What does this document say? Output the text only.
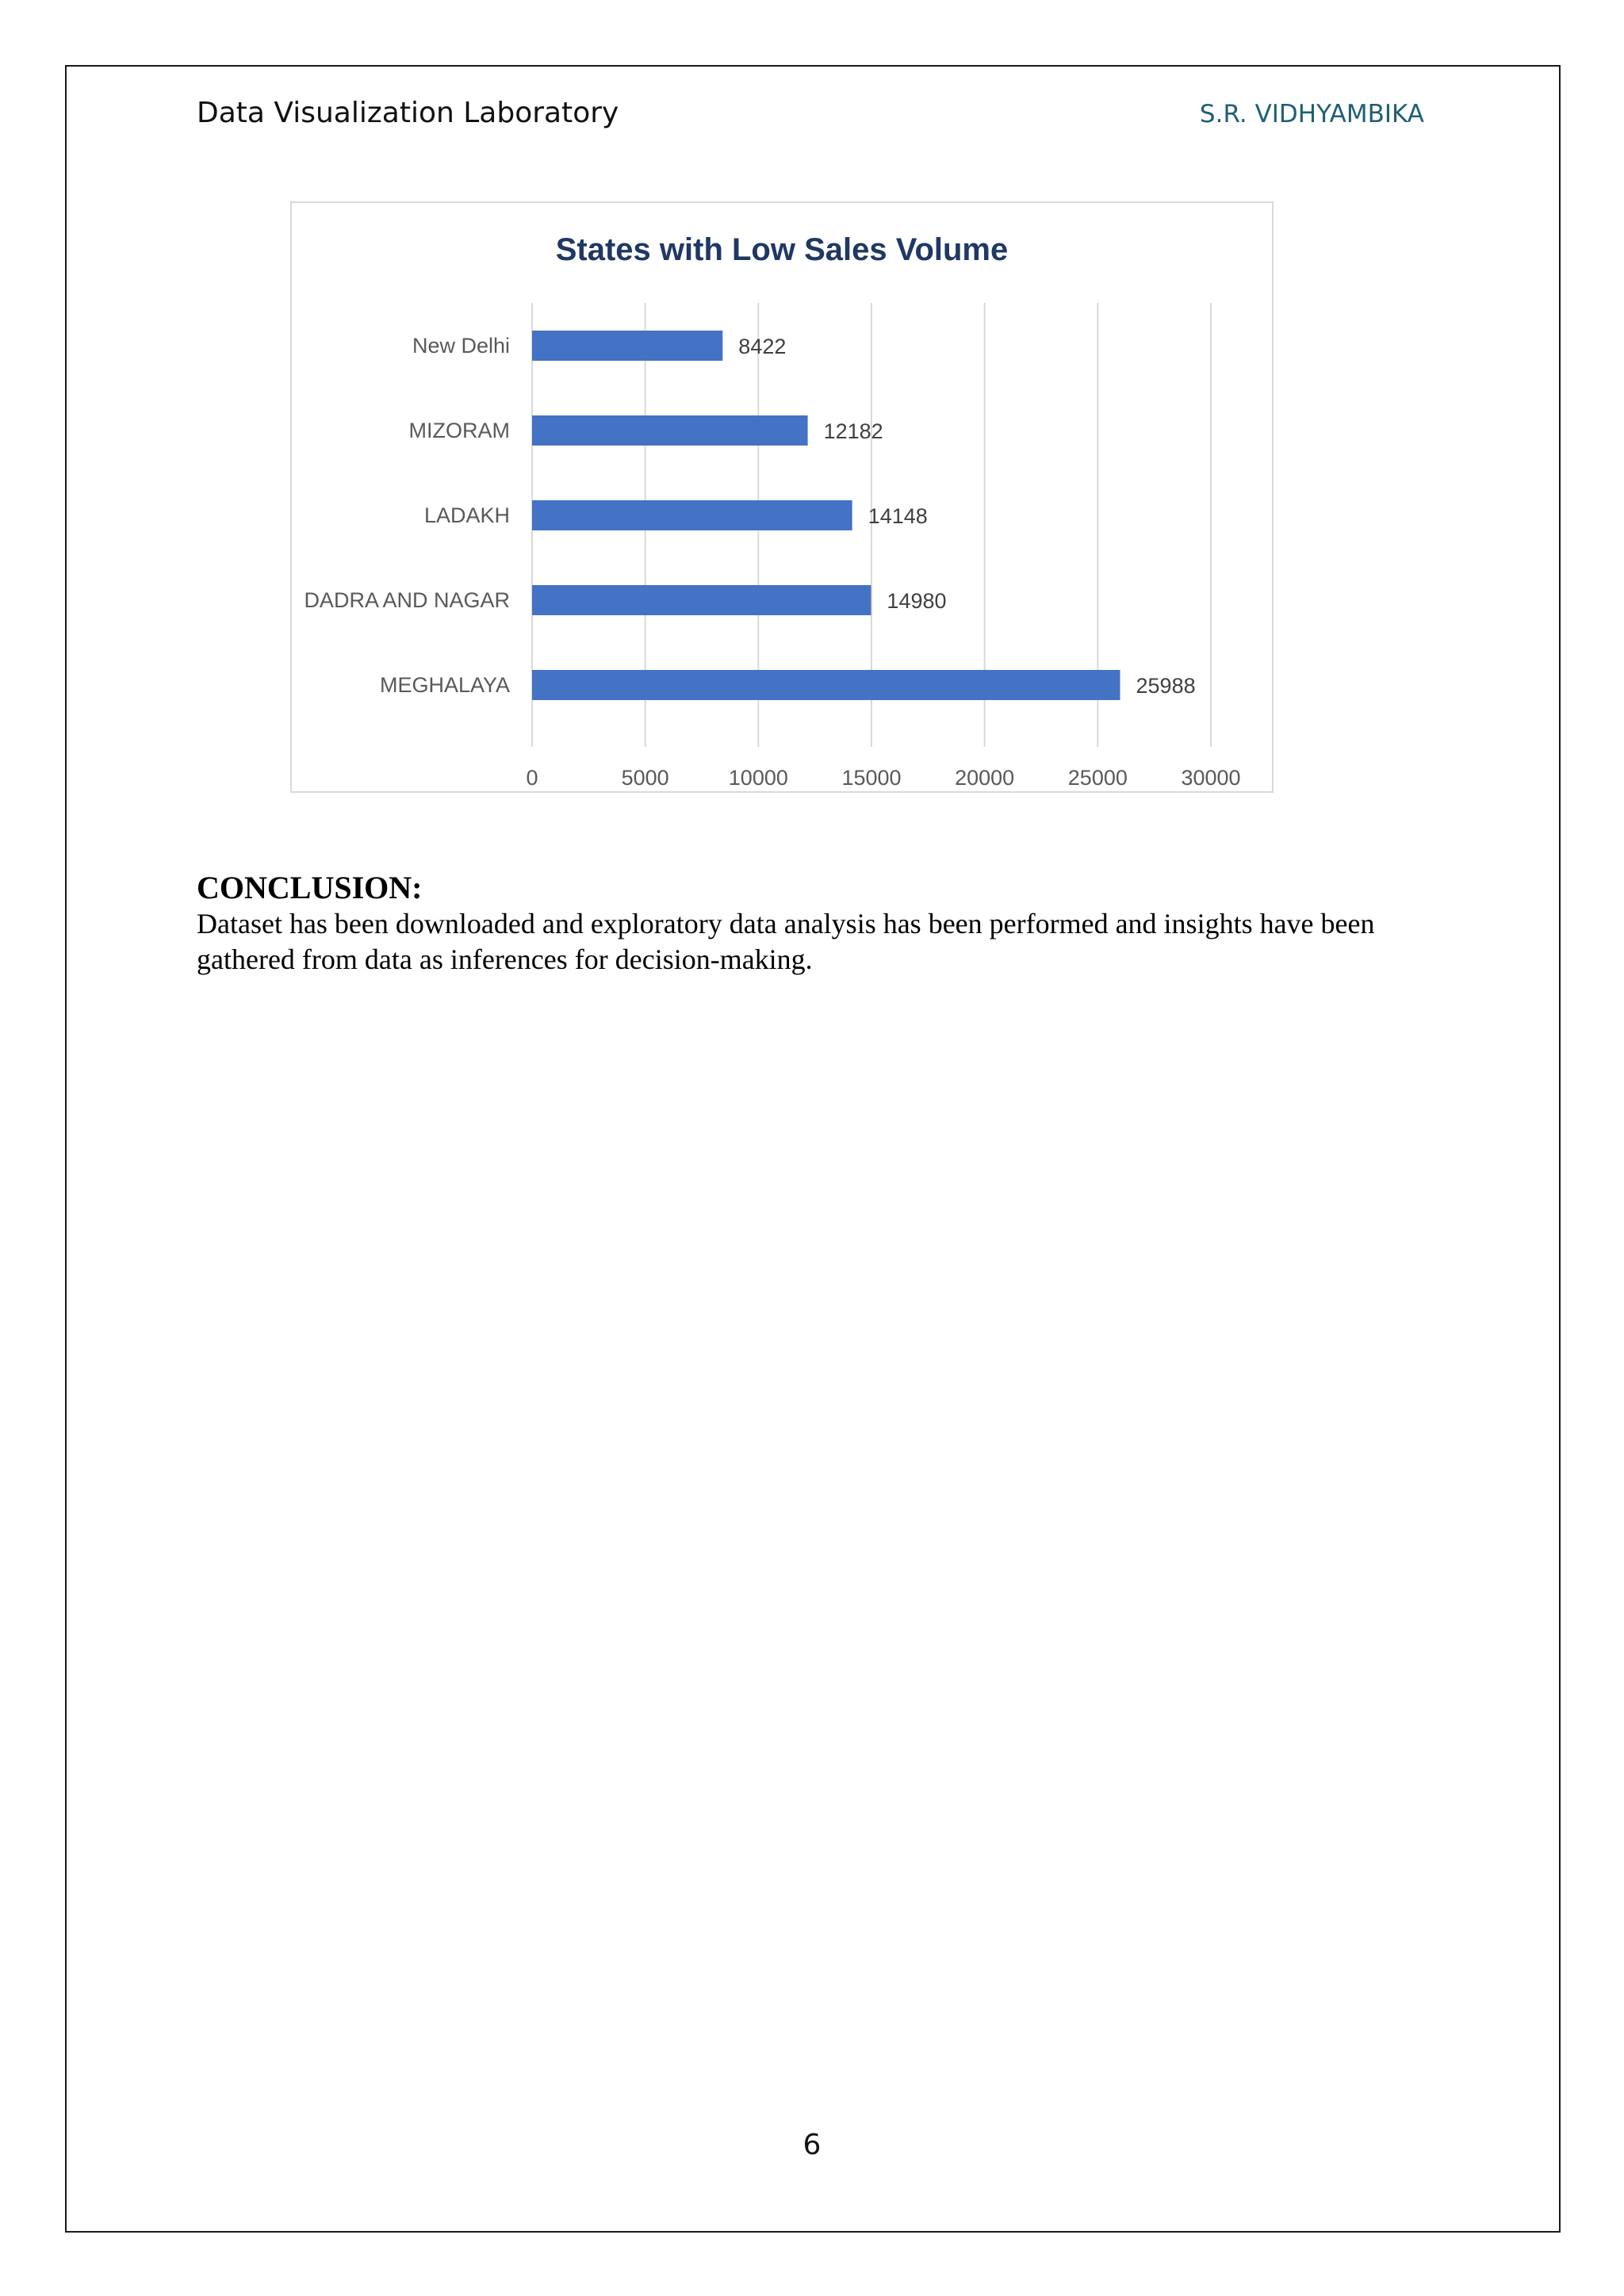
Data Visualization Laboratory	S.R. VIDHYAMBIKA
States with Low Sales Volume
0	5000	10000	15000	20000	25000	30000
New Delhi	8422
MIZORAM	12182
LADAKH	14148
DADRA AND NAGAR	14980
MEGHALAYA	25988
CONCLUSION:
Dataset has been downloaded and exploratory data analysis has been performed and insights have been gathered from data as inferences for decision-making.
6
